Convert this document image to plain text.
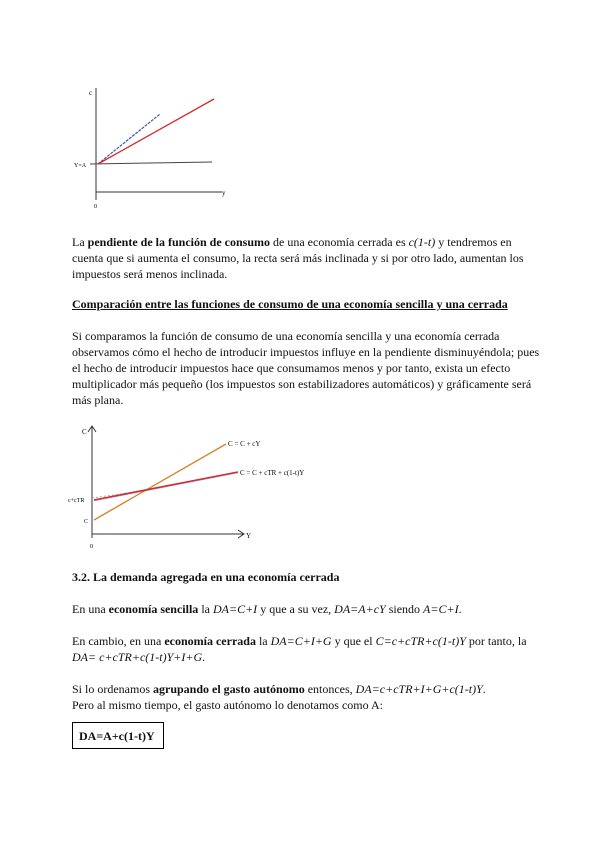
c
y
Y=A
0

La pendiente de la función de consumo de una economía cerrada es c(1-t) y tendremos en cuenta que si aumenta el consumo, la recta será más inclinada y si por otro lado, aumentan los impuestos será menos inclinada.

Comparación entre las funciones de consumo de una economía sencilla y una cerrada

Si comparamos la función de consumo de una economía sencilla y una economía cerrada observamos cómo el hecho de introducir impuestos influye en la pendiente disminuyéndola; pues el hecho de introducir impuestos hace que consumamos menos y por tanto, exista un efecto multiplicador más pequeño (los impuestos son estabilizadores automáticos) y gráficamente será más plana.

C = C + cY
C = C + cTR + c(1-t)Y
C
Y
c+cTR
C
0

3.2. La demanda agregada en una economía cerrada

En una economía sencilla la DA=C+I y que a su vez, DA=A+cY siendo A=C+I.

En cambio, en una economía cerrada la DA=C+I+G y que el C=c+cTR+c(1-t)Y por tanto, la DA= c+cTR+c(1-t)Y+I+G.

Si lo ordenamos agrupando el gasto autónomo entonces, DA=c+cTR+I+G+c(1-t)Y.
Pero al mismo tiempo, el gasto autónomo lo denotamos como A:

DA=A+c(1-t)Y
